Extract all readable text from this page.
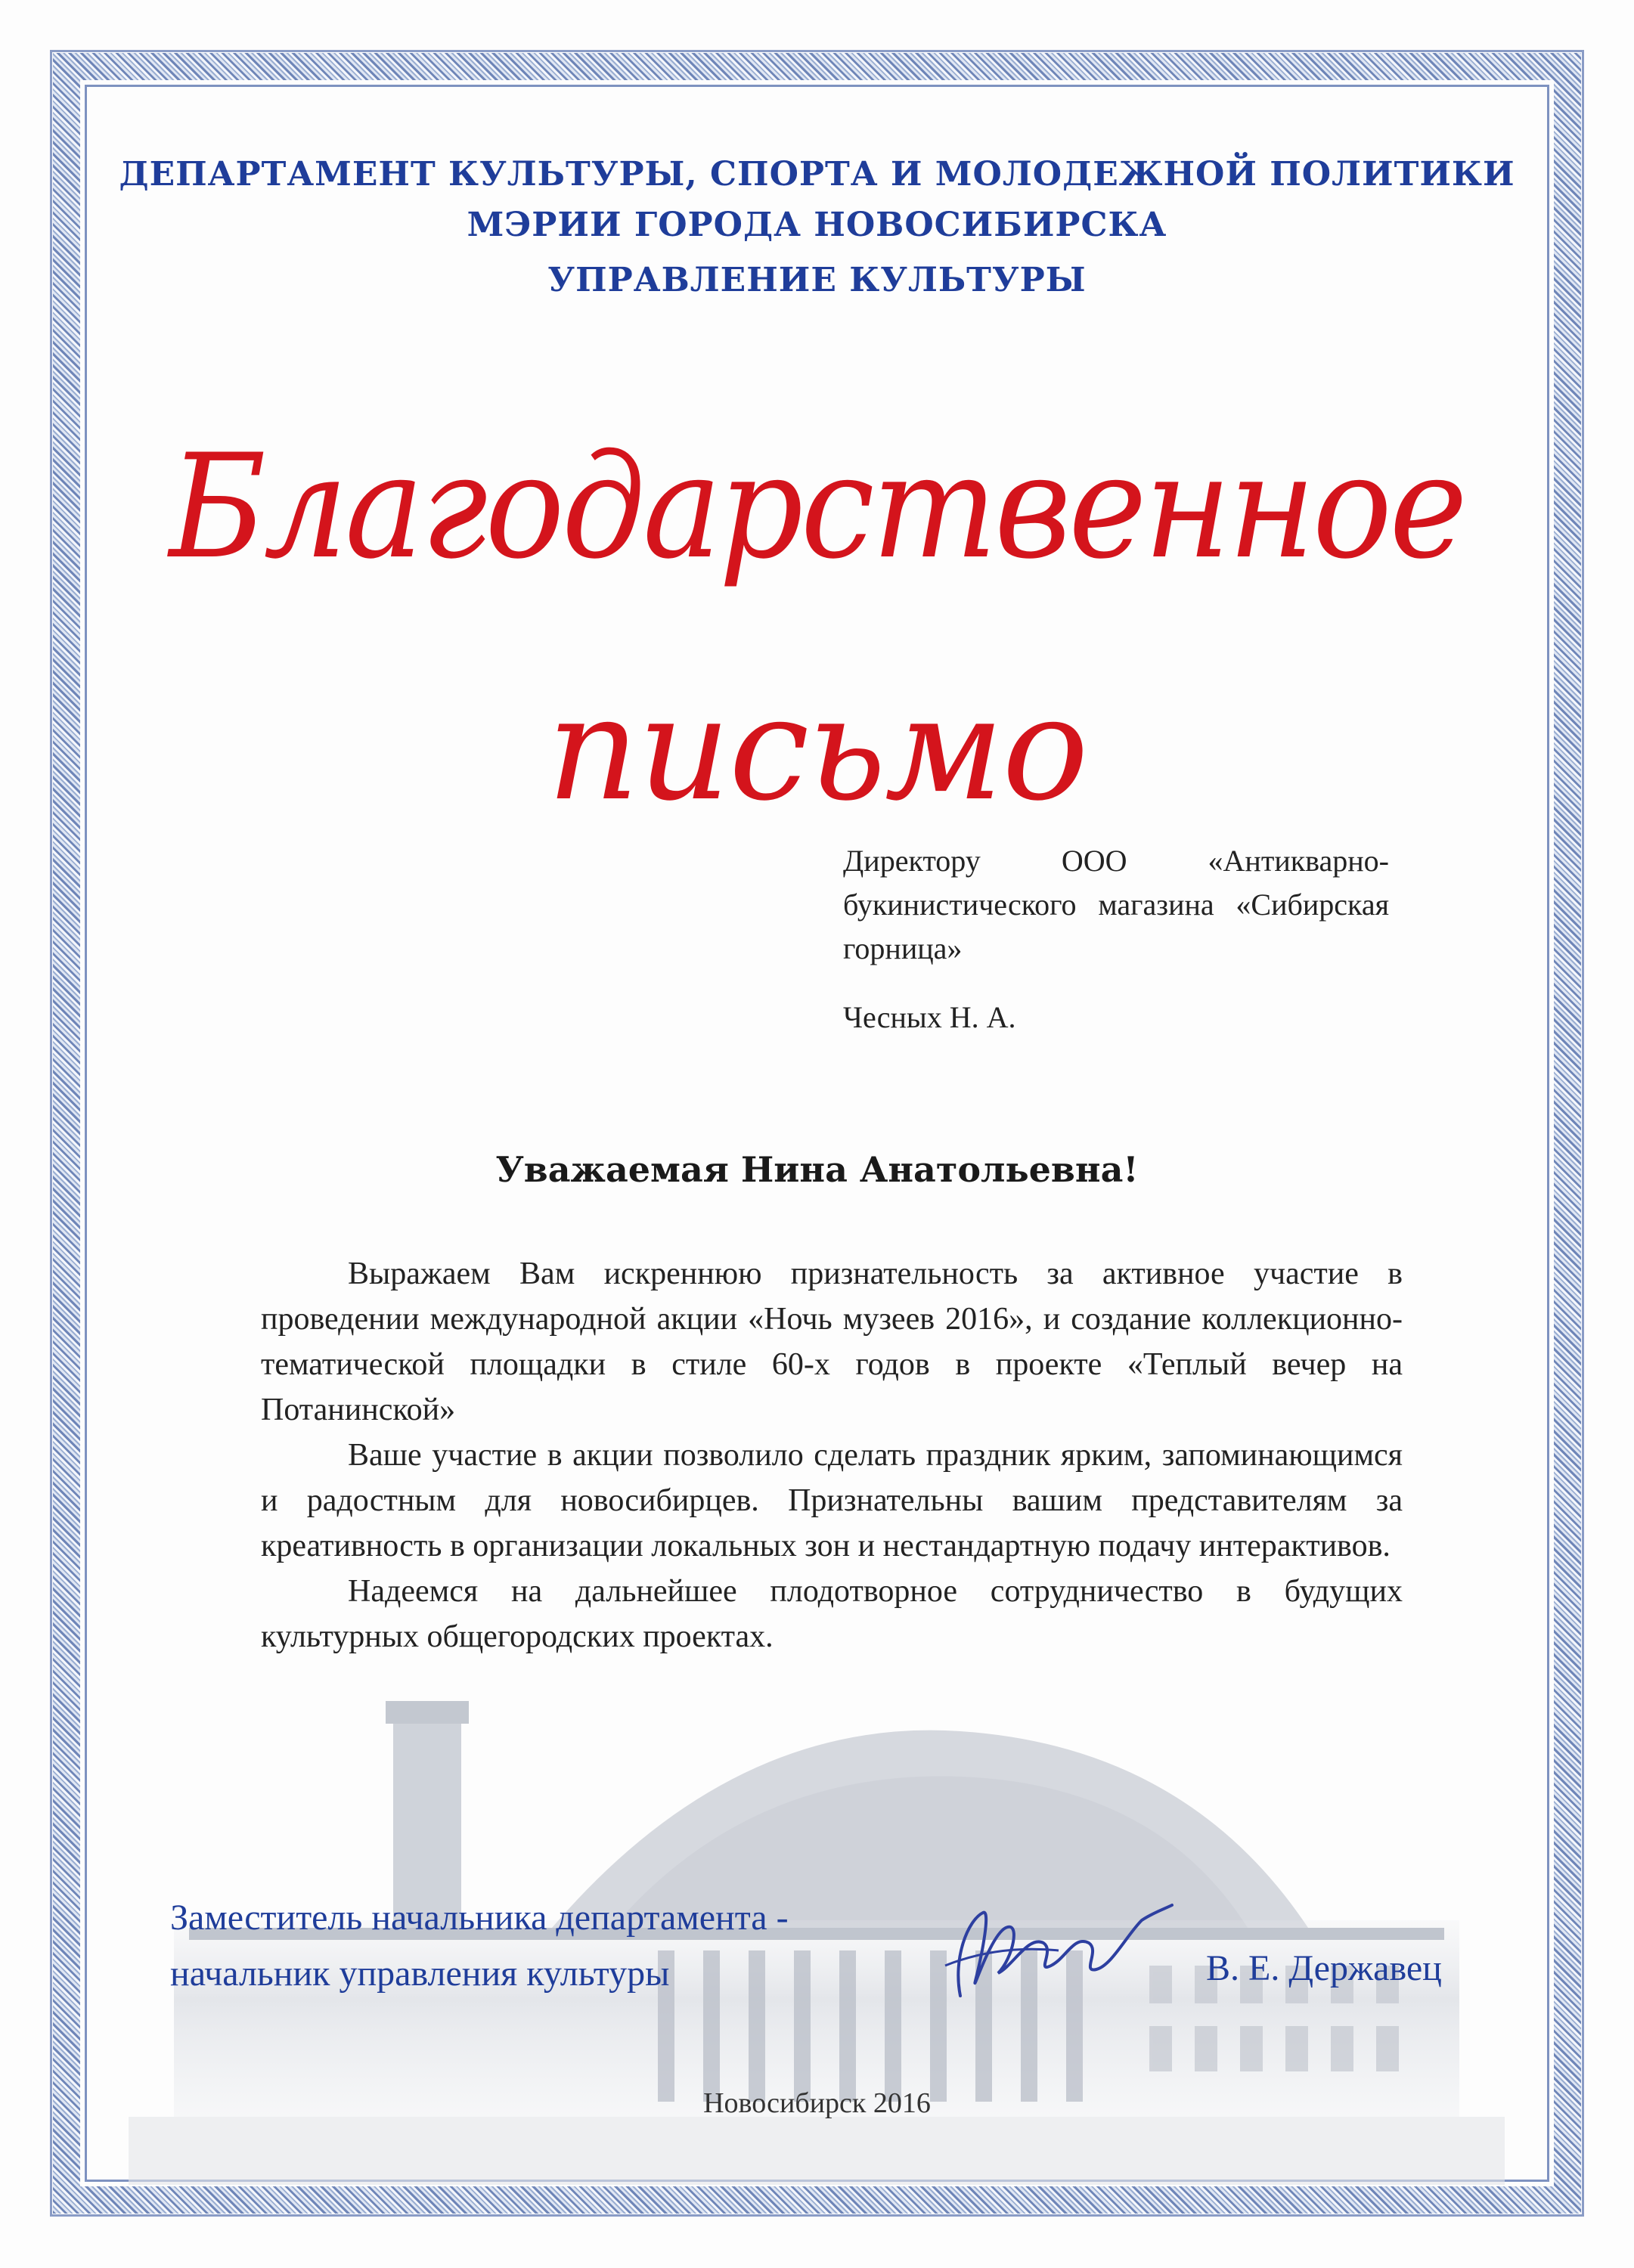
ДЕПАРТАМЕНТ КУЛЬТУРЫ, СПОРТА И МОЛОДЕЖНОЙ ПОЛИТИКИ
МЭРИИ ГОРОДА НОВОСИБИРСКА
УПРАВЛЕНИЕ КУЛЬТУРЫ
Благодарственное
письмо
Директору ООО «Антикварно-букинистического магазина «Сибирская горница»
Чесных Н. А.
Уважаемая Нина Анатольевна!

Выражаем Вам искреннюю признательность за активное участие в проведении международной акции «Ночь музеев 2016», и создание коллекционно-тематической площадки в стиле 60-х годов в проекте «Теплый вечер на Потанинской»

Ваше участие в акции позволило сделать праздник ярким, запоминающимся и радостным для новосибирцев. Признательны вашим представителям за креативность в организации локальных зон и нестандартную подачу интерактивов.

Надеемся на дальнейшее плодотворное сотрудничество в будущих культурных общегородских проектах.

Заместитель начальника департамента -
начальник управления культуры	В. Е. Державец
Новосибирск 2016
